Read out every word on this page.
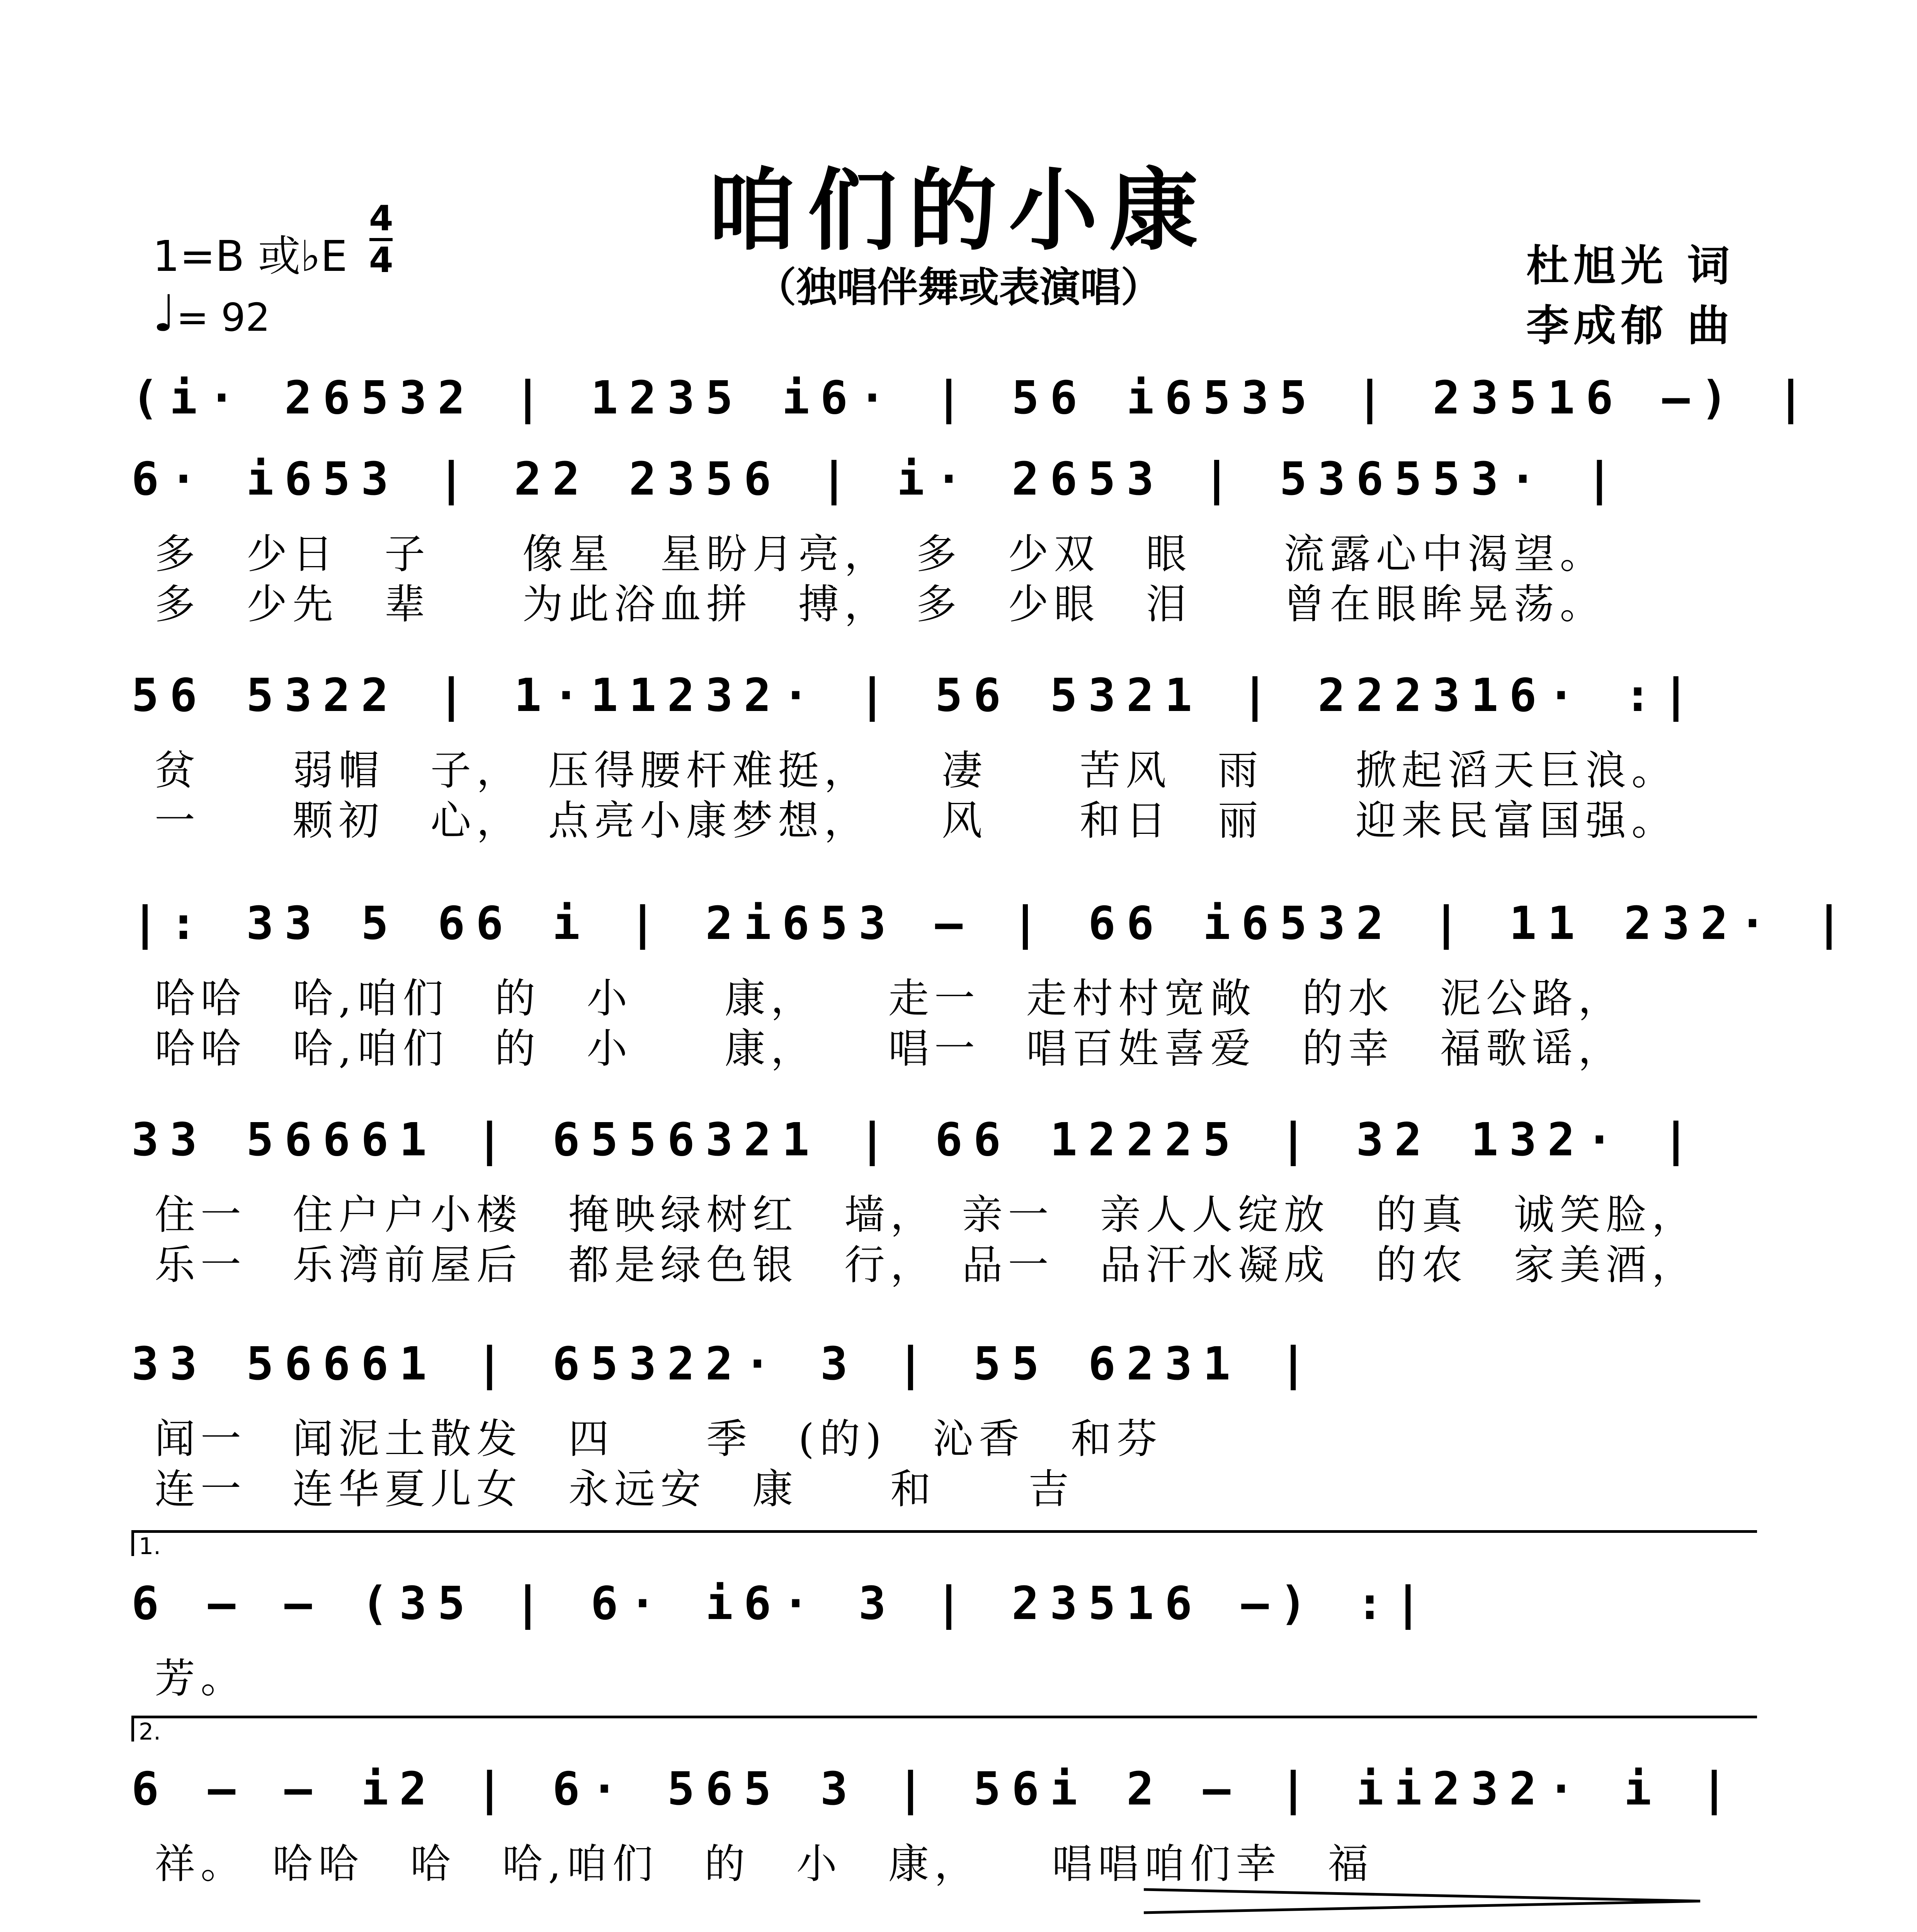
咱们的小康
（独唱伴舞或表演唱）
1=B 或♭E
4
4
♩= 92
杜旭光 词
李成郁 曲
(i· 26532 | 1235 i6· | 56 i6535 | 23516 —) |
6· i653 | 22 2356 | i· 2653 | 536553· |
多　少日　子　　像星　星盼月亮，　多　少双　眼　　流露心中渴望。
多　少先　辈　　为此浴血拼　搏，　多　少眼　泪　　曾在眼眸晃荡。
56 5322 | 1·11232· | 56 5321 | 222316· :|
贫　　弱帽　子，　压得腰杆难挺，　　凄　　苦风　雨　　掀起滔天巨浪。
一　　颗初　心，　点亮小康梦想，　　风　　和日　丽　　迎来民富国强。
|: 33 5 66 i | 2i653 — | 66 i6532 | 11 232· |
哈哈　哈,咱们　的　小　　康，　　走一　走村村宽敞　的水　泥公路，
哈哈　哈,咱们　的　小　　康，　　唱一　唱百姓喜爱　的幸　福歌谣，
33 56661 | 6556321 | 66 12225 | 32 132· |
住一　住户户小楼　掩映绿树红　墙，　亲一　亲人人绽放　的真　诚笑脸，
乐一　乐湾前屋后　都是绿色银　行，　品一　品汗水凝成　的农　家美酒，
33 56661 | 65322· 3 | 55 6231 |
闻一　闻泥土散发　四　　季　(的)　沁香　和芬
连一　连华夏儿女　永远安　康　　和　　吉
1.
6 — — (35 | 6· i6· 3 | 23516 —) :|
芳。
2.
6 — — i2 | 6· 565 3 | 56i 2 — | ii232· i |
祥。　哈哈　哈　哈,咱们　的　小　康，　　唱唱咱们幸　福
